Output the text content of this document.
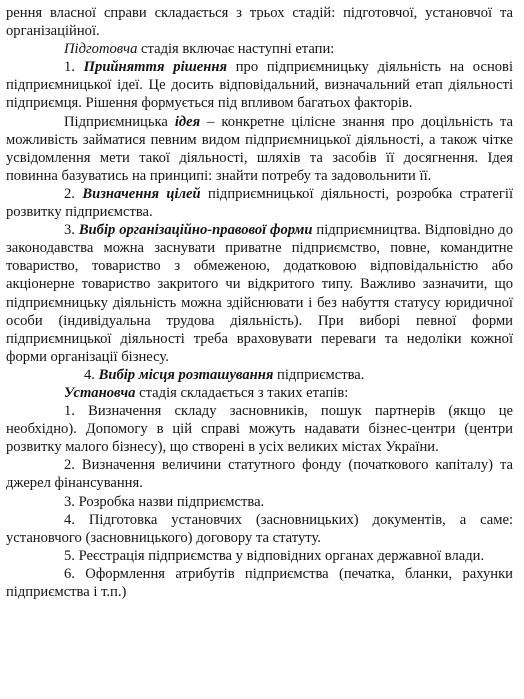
рення власної справи складається з трьох стадій: підготовчої, установчої та організаційної.

Підготовча стадія включає наступні етапи:

1. Прийняття рішення про підприємницьку діяльність на основі підприємницької ідеї. Це досить відповідальний, визначальний етап діяльності підприємця. Рішення формується під впливом багатьох факторів.

Підприємницька ідея – конкретне цілісне знання про доцільність та можливість займатися певним видом підприємницької діяльності, а також чітке усвідомлення мети такої діяльності, шляхів та засобів її досягнення. Ідея повинна базуватись на принципі: знайти потребу та задовольнити її.

2. Визначення цілей підприємницької діяльності, розробка стратегії розвитку підприємства.

3. Вибір організаційно-правової форми підприємництва. Відповідно до законодавства можна заснувати приватне підприємство, повне, командитне товариство, товариство з обмеженою, додатковою відповідальністю або акціонерне товариство закритого чи відкритого типу. Важливо зазначити, що підприємницьку діяльність можна здійснювати і без набуття статусу юридичної особи (індивідуальна трудова діяльність). При виборі певної форми підприємницької діяльності треба враховувати переваги та недоліки кожної форми організації бізнесу.

4. Вибір місця розташування підприємства.

Установча стадія складається з таких етапів:

1. Визначення складу засновників, пошук партнерів (якщо це необхідно). Допомогу в цій справі можуть надавати бізнес-центри (центри розвитку малого бізнесу), що створені в усіх великих містах України.

2. Визначення величини статутного фонду (початкового капіталу) та джерел фінансування.

3. Розробка назви підприємства.

4. Підготовка установчих (засновницьких) документів, а саме: установчого (засновницького) договору та статуту.

5. Реєстрація підприємства у відповідних органах державної влади.

6. Оформлення атрибутів підприємства (печатка, бланки, рахунки підприємства і т.п.)
